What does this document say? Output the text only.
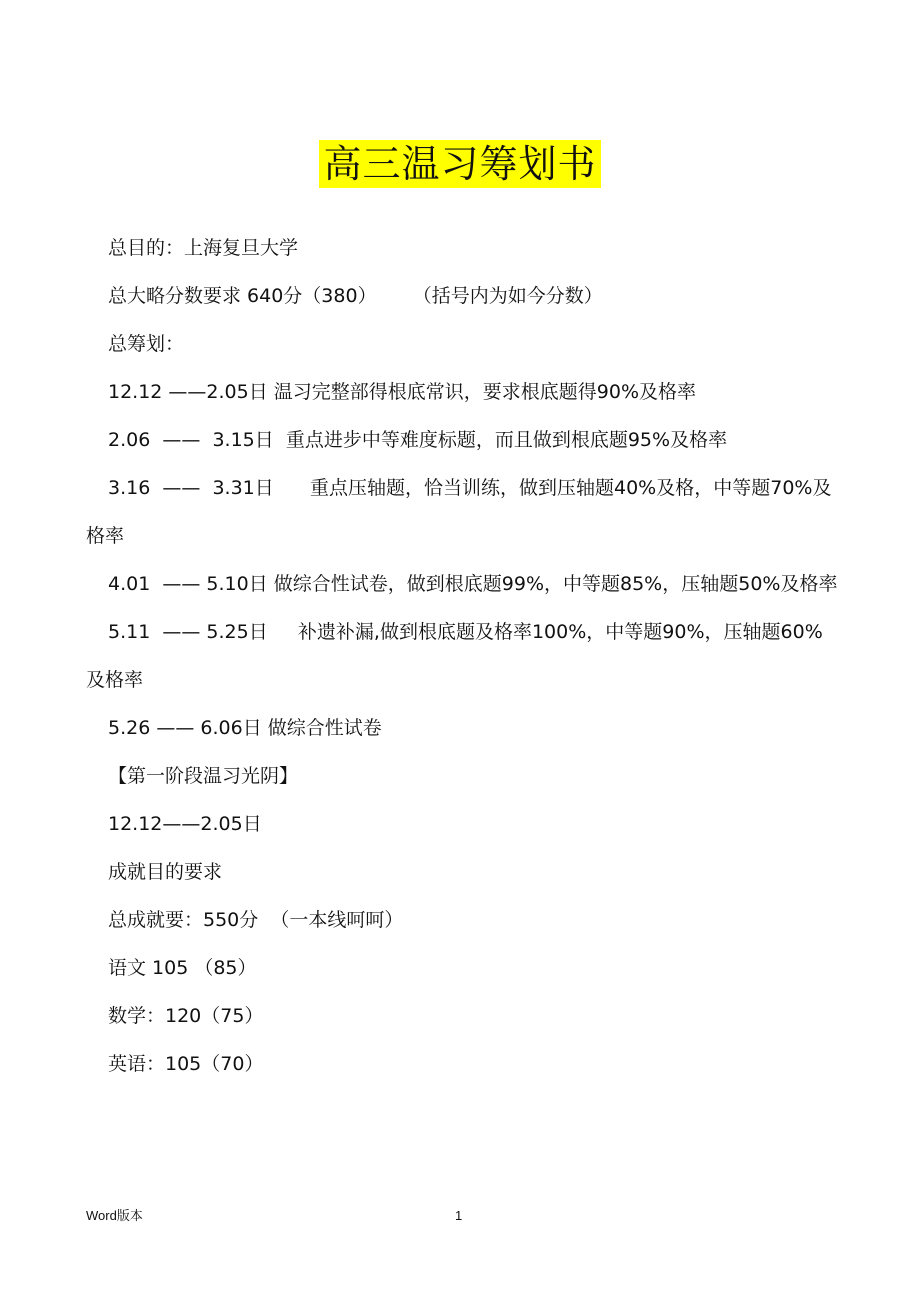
高三温习筹划书

总目的：上海复旦大学

总大略分数要求 640分（380）      （括号内为如今分数）

总筹划：

12.12 ——2.05日 温习完整部得根底常识，要求根底题得90%及格率

2.06  ——  3.15日  重点进步中等难度标题，而且做到根底题95%及格率

3.16  ——  3.31日      重点压轴题，恰当训练，做到压轴题40%及格，中等题70%及格率

4.01  —— 5.10日 做综合性试卷，做到根底题99%，中等题85%，压轴题50%及格率

5.11  —— 5.25日     补遗补漏,做到根底题及格率100%，中等题90%，压轴题60%及格率

5.26 —— 6.06日 做综合性试卷

【第一阶段温习光阴】

12.12——2.05日

成就目的要求

总成就要：550分  （一本线呵呵）

语文 105 （85）

数学：120（75）

英语：105（70）

Word版本	1
